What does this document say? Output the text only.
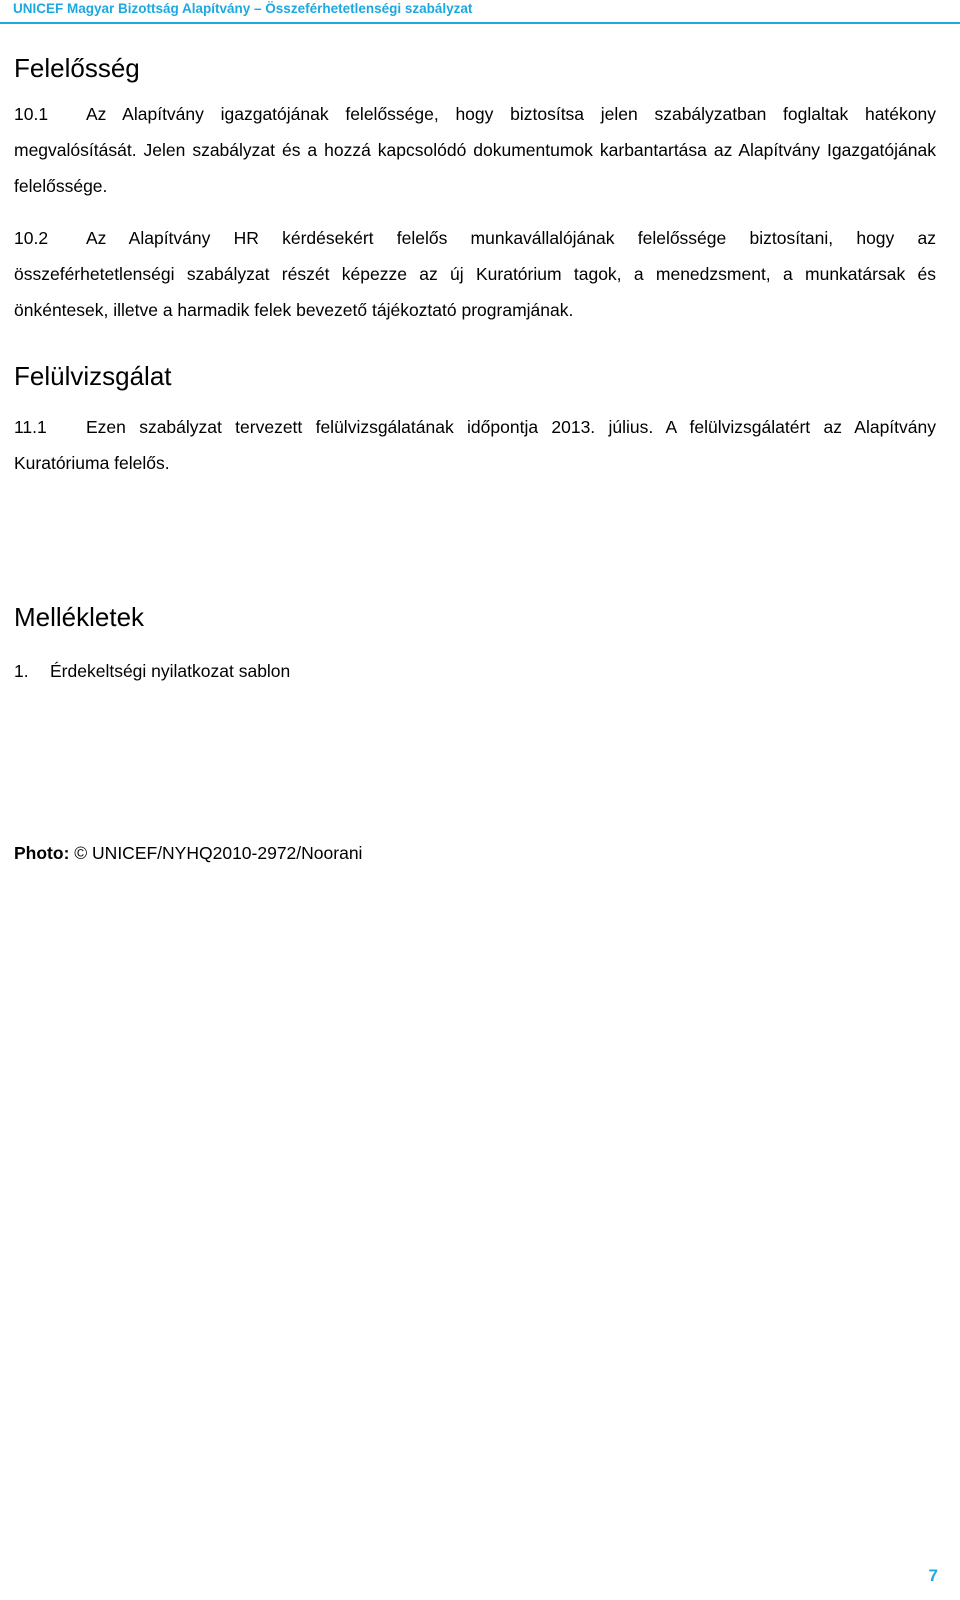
UNICEF Magyar Bizottság Alapítvány – Összeférhetetlenségi szabályzat
Felelősség

10.1 Az Alapítvány igazgatójának felelőssége, hogy biztosítsa jelen szabályzatban foglaltak hatékony megvalósítását. Jelen szabályzat és a hozzá kapcsolódó dokumentumok karbantartása az Alapítvány Igazgatójának felelőssége.

10.2 Az Alapítvány HR kérdésekért felelős munkavállalójának felelőssége biztosítani, hogy az összeférhetetlenségi szabályzat részét képezze az új Kuratórium tagok, a menedzsment, a munkatársak és önkéntesek, illetve a harmadik felek bevezető tájékoztató programjának.

Felülvizsgálat

11.1 Ezen szabályzat tervezett felülvizsgálatának időpontja 2013. július. A felülvizsgálatért az Alapítvány Kuratóriuma felelős.

Mellékletek
1. Érdekeltségi nyilatkozat sablon
Photo: © UNICEF/NYHQ2010-2972/Noorani
7
